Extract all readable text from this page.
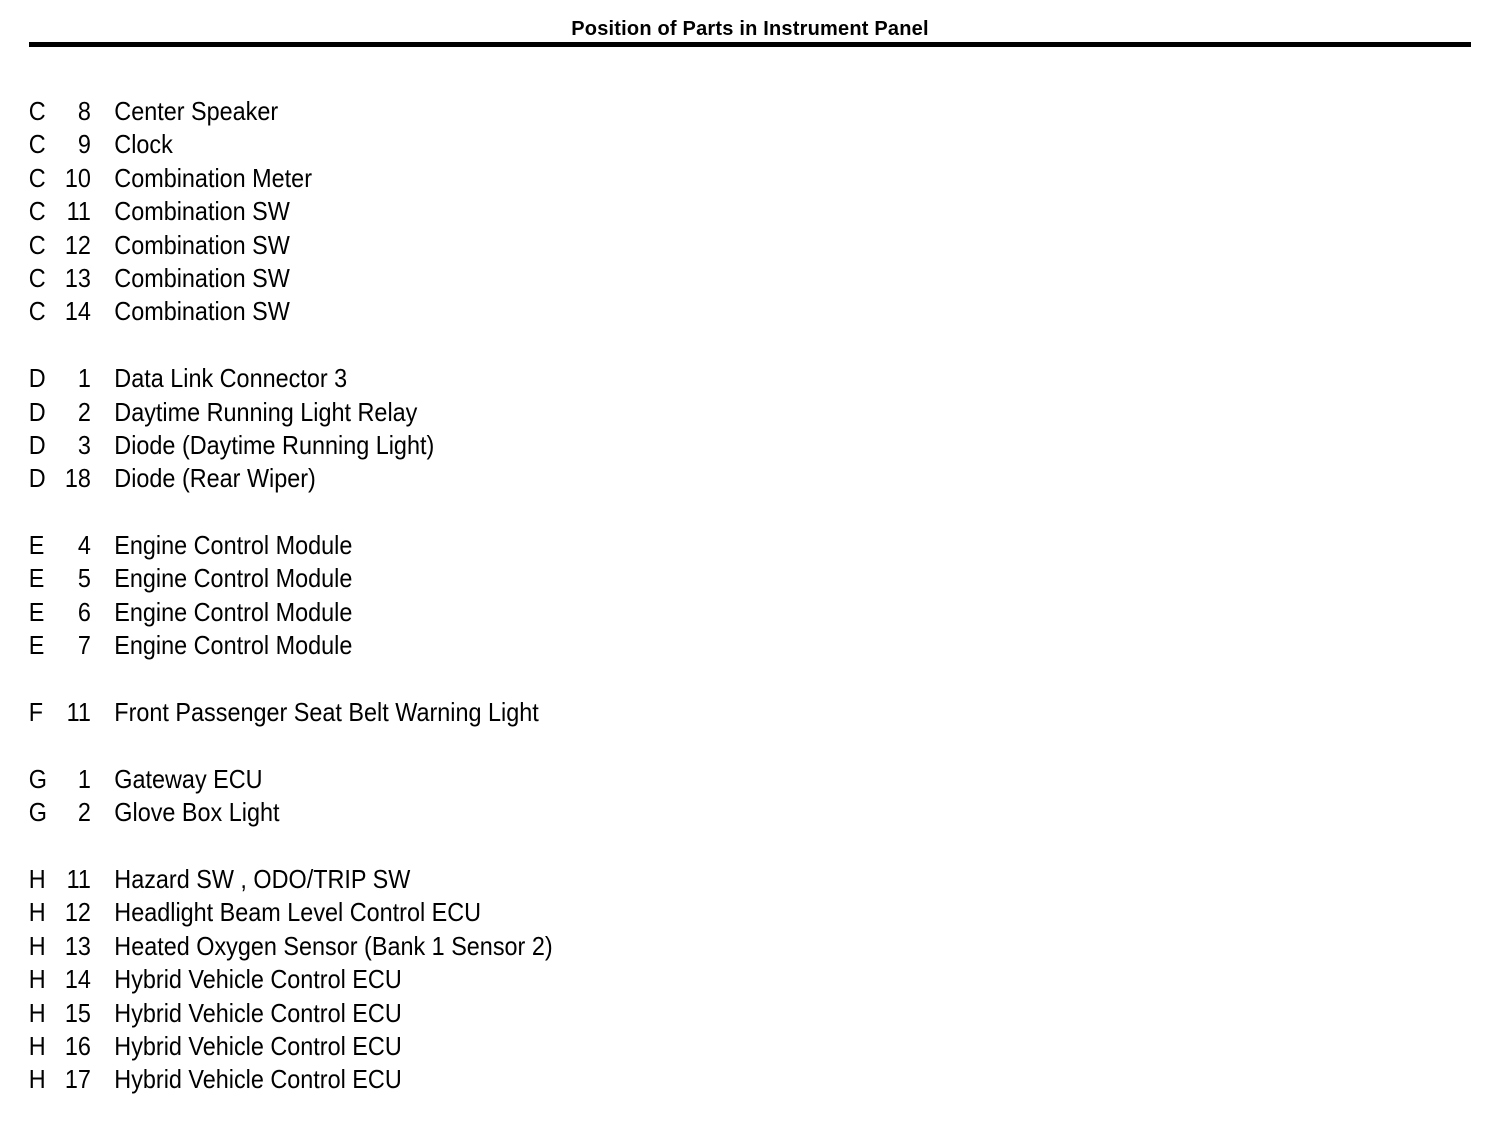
Position of Parts in Instrument Panel
C	8 Center Speaker
C	9 Clock
C 10 Combination Meter
C 11 Combination SW
C 12 Combination SW
C 13 Combination SW
C 14 Combination SW
D	1 Data Link Connector 3
D	2 Daytime Running Light Relay
D	3 Diode (Daytime Running Light)
D 18 Diode (Rear Wiper)
E	4 Engine Control Module
E	5 Engine Control Module
E	6 Engine Control Module
E	7 Engine Control Module
F 11 Front Passenger Seat Belt Warning Light
G	1 Gateway ECU
G	2 Glove Box Light
H 11 Hazard SW , ODO/TRIP SW
H 12 Headlight Beam Level Control ECU
H 13 Heated Oxygen Sensor (Bank 1 Sensor 2)
H 14 Hybrid Vehicle Control ECU
H 15 Hybrid Vehicle Control ECU
H 16 Hybrid Vehicle Control ECU
H 17 Hybrid Vehicle Control ECU
